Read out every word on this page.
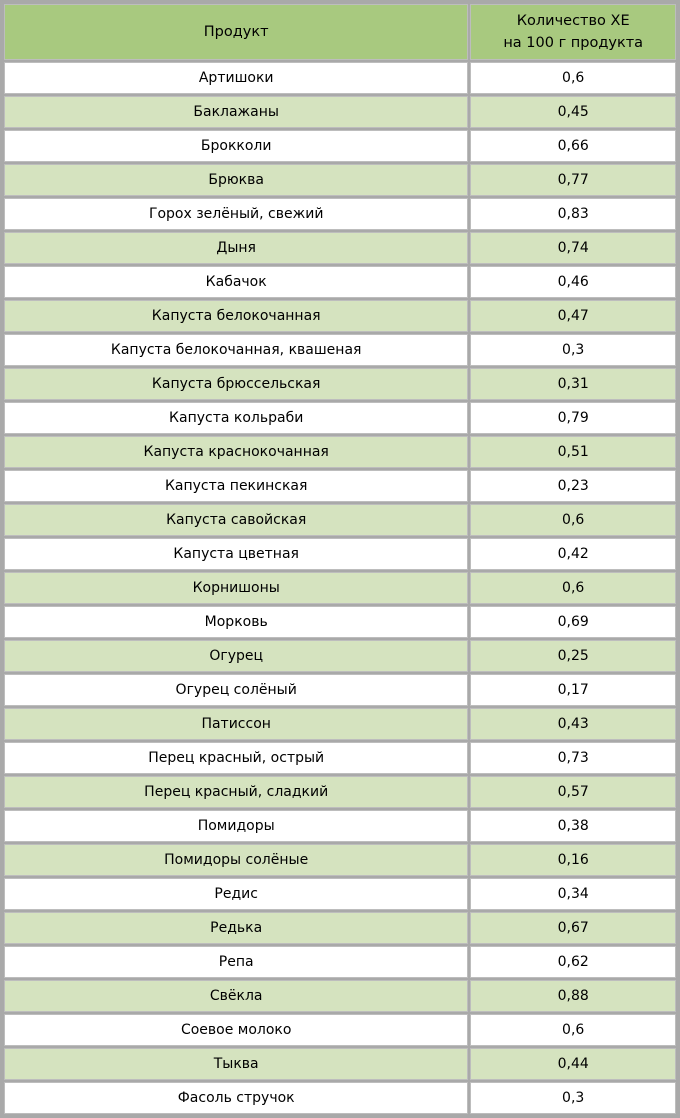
Продукт	Количество ХЕ
на 100 г продукта
Артишоки	0,6
Баклажаны	0,45
Брокколи	0,66
Брюква	0,77
Горох зелёный, свежий	0,83
Дыня	0,74
Кабачок	0,46
Капуста белокочанная	0,47
Капуста белокочанная, квашеная	0,3
Капуста брюссельская	0,31
Капуста кольраби	0,79
Капуста краснокочанная	0,51
Капуста пекинская	0,23
Капуста савойская	0,6
Капуста цветная	0,42
Корнишоны	0,6
Морковь	0,69
Огурец	0,25
Огурец солёный	0,17
Патиссон	0,43
Перец красный, острый	0,73
Перец красный, сладкий	0,57
Помидоры	0,38
Помидоры солёные	0,16
Редис	0,34
Редька	0,67
Репа	0,62
Свёкла	0,88
Соевое молоко	0,6
Тыква	0,44
Фасоль стручок	0,3
